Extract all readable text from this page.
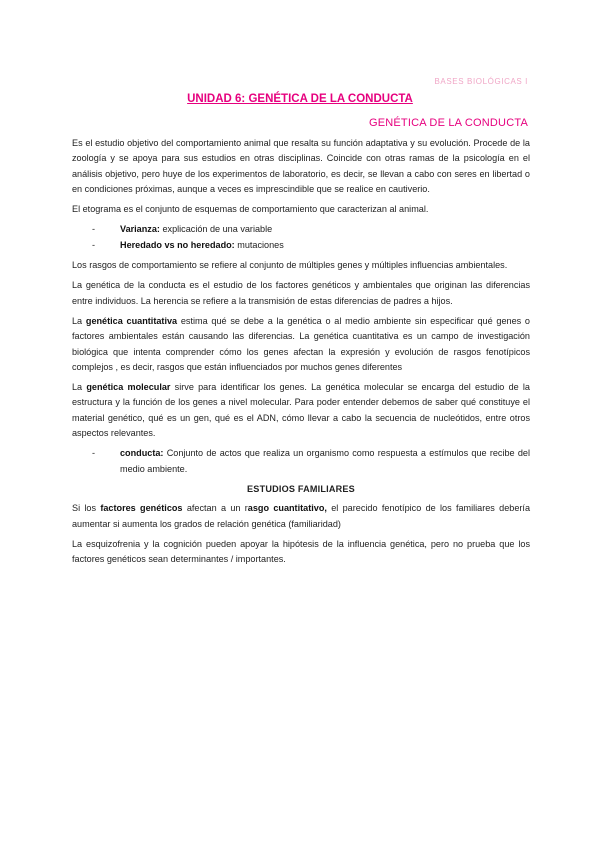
BASES BIOLÓGICAS I
UNIDAD 6: GENÉTICA DE LA CONDUCTA
GENÉTICA DE LA CONDUCTA

Es el estudio objetivo del comportamiento animal que resalta su función adaptativa y su evolución. Procede de la zoología y se apoya para sus estudios en otras disciplinas. Coincide con otras ramas de la psicología en el análisis objetivo, pero huye de los experimentos de laboratorio, es decir, se llevan a cabo con seres en libertad o en condiciones próximas, aunque a veces es imprescindible que se realice en cautiverio.

El etograma es el conjunto de esquemas de comportamiento que caracterizan al animal.

-	Varianza: explicación de una variable
-	Heredado vs no heredado: mutaciones

Los rasgos de comportamiento se refiere al conjunto de múltiples genes y múltiples influencias ambientales.

La genética de la conducta es el estudio de los factores genéticos y ambientales que originan las diferencias entre individuos. La herencia se refiere a la transmisión de estas diferencias de padres a hijos.

La genética cuantitativa estima qué se debe a la genética o al medio ambiente sin especificar qué genes o factores ambientales están causando las diferencias. La genética cuantitativa es un campo de investigación biológica que intenta comprender cómo los genes afectan la expresión y evolución de rasgos fenotípicos complejos , es decir, rasgos que están influenciados por muchos genes diferentes

La genética molecular sirve para identificar los genes. La genética molecular se encarga del estudio de la estructura y la función de los genes a nivel molecular. Para poder entender debemos de saber qué constituye el material genético, qué es un gen, qué es el ADN, cómo llevar a cabo la secuencia de nucleótidos, entre otros aspectos relevantes.

-	conducta: Conjunto de actos que realiza un organismo como respuesta a estímulos que recibe del medio ambiente.
ESTUDIOS FAMILIARES

Si los factores genéticos afectan a un rasgo cuantitativo, el parecido fenotípico de los familiares debería aumentar si aumenta los grados de relación genética (familiaridad)

La esquizofrenia y la cognición pueden apoyar la hipótesis de la influencia genética, pero no prueba que los factores genéticos sean determinantes / importantes.
